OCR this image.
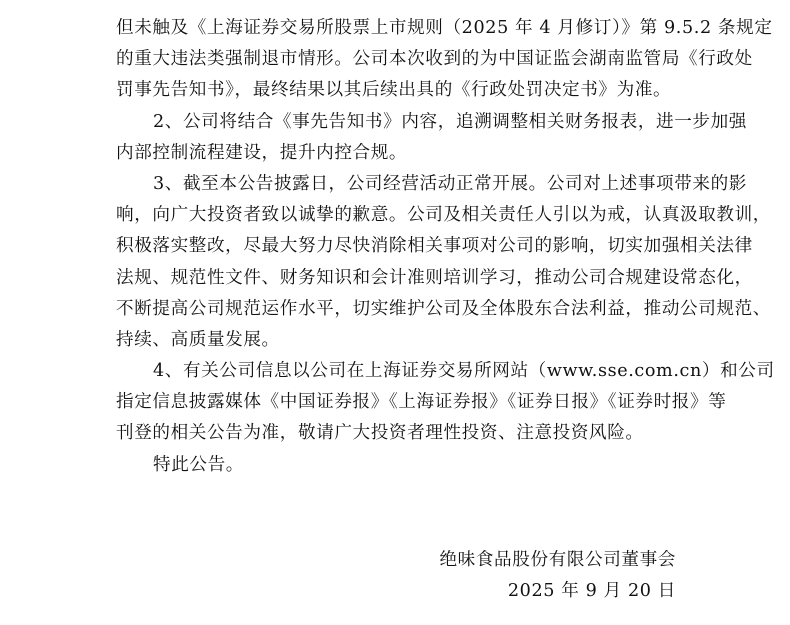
但未触及《上海证券交易所股票上市规则（2025 年 4 月修订）》第 9.5.2 条规定
的重大违法类强制退市情形。公司本次收到的为中国证监会湖南监管局《行政处
罚事先告知书》，最终结果以其后续出具的《行政处罚决定书》为准。
2、公司将结合《事先告知书》内容，追溯调整相关财务报表，进一步加强
内部控制流程建设，提升内控合规。
3、截至本公告披露日，公司经营活动正常开展。公司对上述事项带来的影
响，向广大投资者致以诚挚的歉意。公司及相关责任人引以为戒，认真汲取教训，
积极落实整改，尽最大努力尽快消除相关事项对公司的影响，切实加强相关法律
法规、规范性文件、财务知识和会计准则培训学习，推动公司合规建设常态化，
不断提高公司规范运作水平，切实维护公司及全体股东合法利益，推动公司规范、
持续、高质量发展。
4、有关公司信息以公司在上海证券交易所网站（www.sse.com.cn）和公司
指定信息披露媒体《中国证券报》《上海证券报》《证券日报》《证券时报》等
刊登的相关公告为准，敬请广大投资者理性投资、注意投资风险。
特此公告。
绝味食品股份有限公司董事会
2025 年 9 月 20 日
